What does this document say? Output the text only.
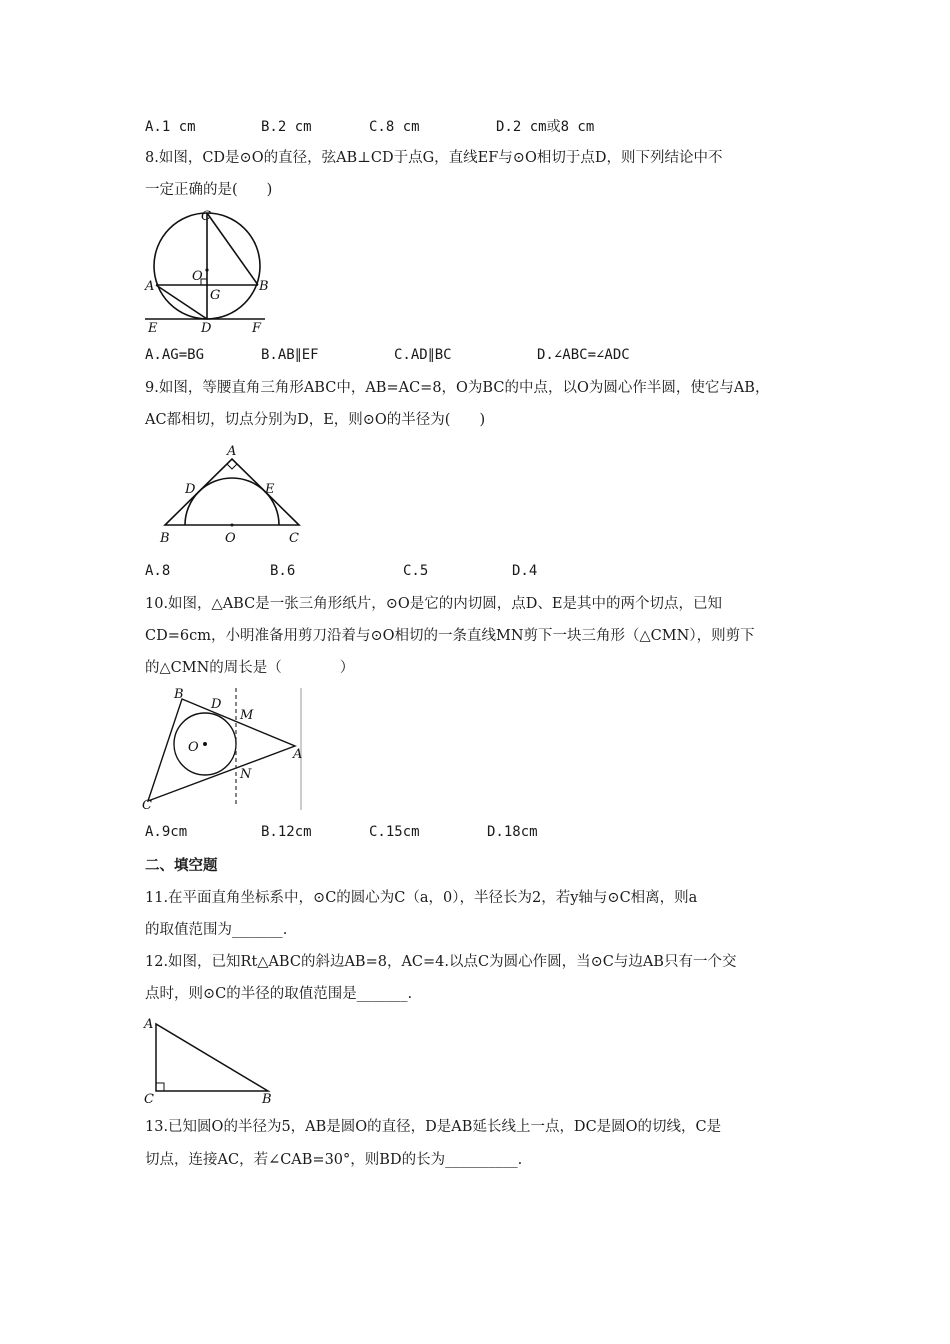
A.1 cm	B.2 cm	C.8 cm	D.2 cm或8 cm
8.如图，CD是⊙O的直径，弦AB⊥CD于点G，直线EF与⊙O相切于点D，则下列结论中不
一定正确的是(　　)
C
O
G
A	B
E	D	F
A.AG=BG	B.AB∥EF	C.AD∥BC	D.∠ABC=∠ADC
9.如图，等腰直角三角形ABC中，AB=AC=8，O为BC的中点，以O为圆心作半圆，使它与AB，
AC都相切，切点分别为D，E，则⊙O的半径为(　　)
A
D	E
B	O	C
A.8	B.6	C.5	D.4
10.如图，△ABC是一张三角形纸片，⊙O是它的内切圆，点D、E是其中的两个切点，已知
CD=6cm，小明准备用剪刀沿着与⊙O相切的一条直线MN剪下一块三角形（△CMN），则剪下
的△CMN的周长是（　　　　）
B
D
M
O	A
N
C
A.9cm	B.12cm	C.15cm	D.18cm
二、填空题
11.在平面直角坐标系中，⊙C的圆心为C（a，0），半径长为2，若y轴与⊙C相离，则a
的取值范围为_______.
12.如图，已知Rt△ABC的斜边AB=8，AC=4.以点C为圆心作圆，当⊙C与边AB只有一个交
点时，则⊙C的半径的取值范围是_______.
A
C	B
13.已知圆O的半径为5，AB是圆O的直径，D是AB延长线上一点，DC是圆O的切线，C是
切点，连接AC，若∠CAB=30°，则BD的长为__________.
